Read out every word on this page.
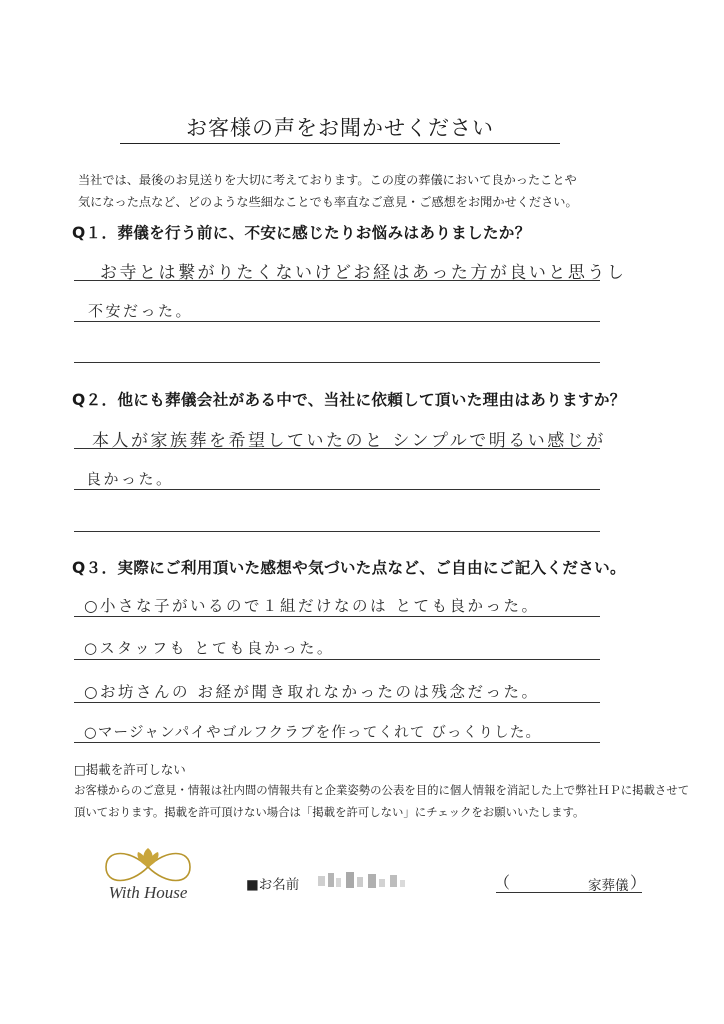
お客様の声をお聞かせください
当社では、最後のお見送りを大切に考えております。この度の葬儀において良かったことや
気になった点など、どのような些細なことでも率直なご意見・ご感想をお聞かせください。
Q１．葬儀を行う前に、不安に感じたりお悩みはありましたか？
お寺とは繋がりたくないけどお経はあった方が良いと思うし
不安だった。
Q２．他にも葬儀会社がある中で、当社に依頼して頂いた理由はありますか？
本人が家族葬を希望していたのと シンプルで明るい感じが
良かった。
Q３．実際にご利用頂いた感想や気づいた点など、ご自由にご記入ください。
○小さな子がいるので１組だけなのは とても良かった。
○スタッフも とても良かった。
○お坊さんの お経が聞き取れなかったのは残念だった。
○マージャンパイやゴルフクラブを作ってくれて びっくりした。
□掲載を許可しない
お客様からのご意見・情報は社内間の情報共有と企業姿勢の公表を目的に個人情報を消記した上で弊社ＨＰに掲載させて
頂いております。掲載を許可頂けない場合は「掲載を許可しない」にチェックをお願いいたします。
With House	■お名前	（	家葬儀 ）
